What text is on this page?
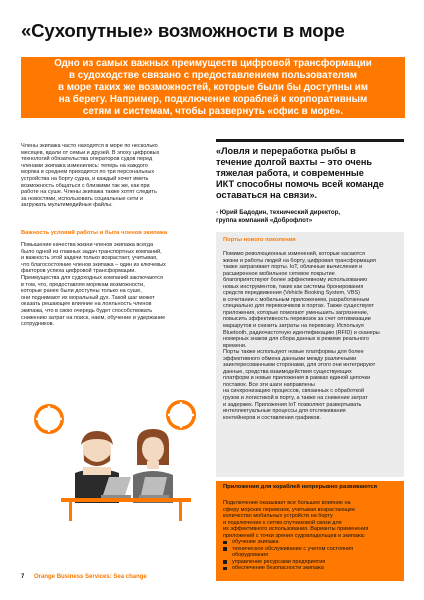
«Сухопутные» возможности в море
Одно из самых важных преимуществ цифровой трансформации
в судоходстве связано с предоставлением пользователям
в море таких же возможностей, которые были бы доступны им
на берегу. Например, подключение кораблей к корпоративным
сетям и системам, чтобы развернуть «офис в море».
Члены экипажа часто находятся в море по несколько
месяцев, вдали от семьи и друзей. В эпоху цифровых
технологий обязательства операторов судов перед
членами экипажа изменились: теперь на каждого
моряка в среднем приходится по три персональных
устройства на борту судна, и каждый хочет иметь
возможность общаться с близкими так же, как при
работе на суше. Члены экипажа также хотят следить
за новостями, использовать социальные сети и
загружать мультимедийные файлы.
Важность условий работы и быта членов экипажа
Повышение качества жизни членов экипажа всегда
было одной из главных задач транспортных компаний,
и важность этой задачи только возрастает, учитывая,
что благосостояние членов экипажа – один из ключевых
факторов успеха цифровой трансформации.
Преимущества для судоходных компаний заключаются
в том, что, предоставляя морякам возможности,
которые ранее были доступны только на суше,
они поднимают их моральный дух. Такой шаг может
оказать решающее влияние на лояльность членов
экипажа, что в свою очередь будет способствовать
снижению затрат на поиск, наем, обучение и удержание
сотрудников.
«Ловля и переработка рыбы в
течение долгой вахты – это очень
тяжелая работа, и современные
ИКТ способны помочь всей команде
оставаться на связи».
- Юрий Бадодин, технический директор,
группа компаний «Доброфлот»
Порты нового поколения
Помимо революционных изменений, которые касаются
жизни и работы людей на борту, цифровая трансформация
также затрагивает порты. IoT, облачные вычисления и
расширенное мобильное сетевое покрытие
благоприятствуют более эффективному использованию
новых инструментов, таких как системы бронирования
средств передвижения (Vehicle Booking System, VBS)
в сочетании с мобильным приложением, разработанным
специально для перевозчиков в портах. Также существуют
приложения, которые помогают уменьшить загрязнение,
повысить эффективность перевозок за счет оптимизации
маршрутов и снизить затраты на перевозку. Используя
Bluetooth, радиочастотную идентификацию (RFID) и сканеры
номерных знаков для сбора данных в режиме реального
времени.
Порты также используют новые платформы для более
эффективного обмена данными между различными
заинтересованными сторонами, для этого они интегрируют
данные, средства взаимодействия существующих
платформ и новые приложения в рамках единой цепочки
поставок. Все эти шаги направлены
на синхронизацию процессов, связанных с обработкой
грузов и логистикой в порту, а также на снижение затрат
и задержек. Приложения IoT позволяют развертывать
интеллектуальные процессы для отслеживания
контейнеров и составления графиков.
Приложения для кораблей непрерывно развиваются
Подключение оказывает все большее влияние на
сферу морских перевозок, учитывая возрастающее
количество мобильных устройств на борту
и подключение к сетям спутниковой связи для
их эффективного использования. Варианты применения
приложений с точки зрения судовладельцев и экипажа:
обучение экипажа
техническое обслуживание с учетом состояния
оборудования
управление ресурсами предприятия
обеспечение безопасности экипажа
7 Orange Business Services: Sea change
